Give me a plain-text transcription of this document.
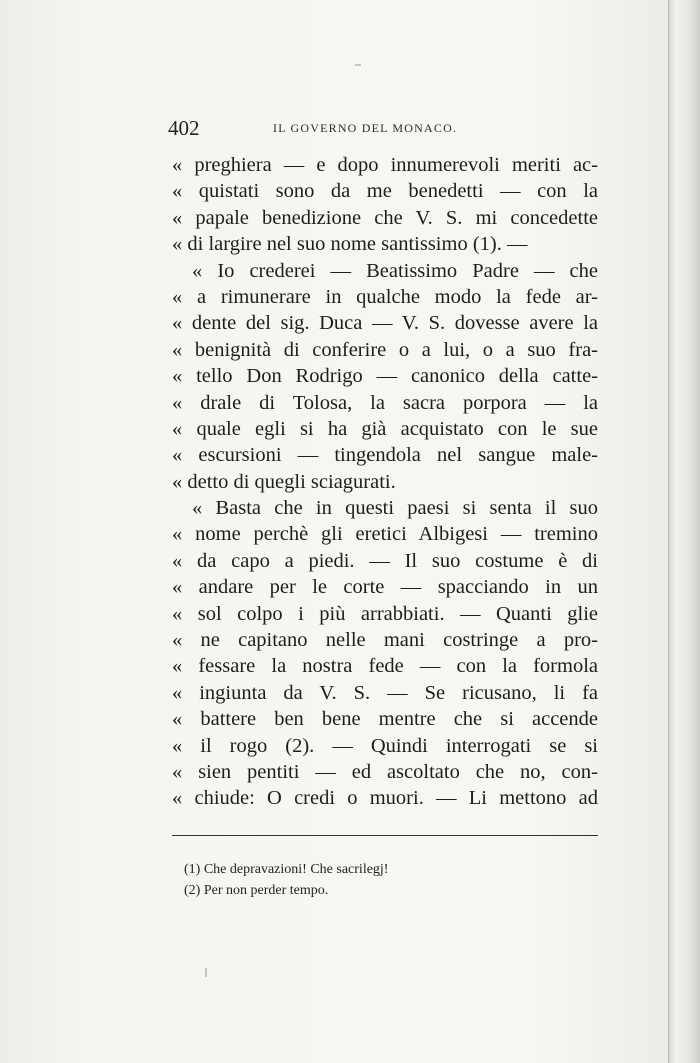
402	IL GOVERNO DEL MONACO.
« preghiera — e dopo innumerevoli meriti ac-
« quistati sono da me benedetti — con la
« papale benedizione che V. S. mi concedette
« di largire nel suo nome santissimo (1). —
« Io crederei — Beatissimo Padre — che
« a rimunerare in qualche modo la fede ar-
« dente del sig. Duca — V. S. dovesse avere la
« benignità di conferire o a lui, o a suo fra-
« tello Don Rodrigo — canonico della catte-
« drale di Tolosa, la sacra porpora — la
« quale egli si ha già acquistato con le sue
« escursioni — tingendola nel sangue male-
« detto di quegli sciagurati.
« Basta che in questi paesi si senta il suo
« nome perchè gli eretici Albigesi — tremino
« da capo a piedi. — Il suo costume è di
« andare per le corte — spacciando in un
« sol colpo i più arrabbiati. — Quanti glie
« ne capitano nelle mani costringe a pro-
« fessare la nostra fede — con la formola
« ingiunta da V. S. — Se ricusano, li fa
« battere ben bene mentre che si accende
« il rogo (2). — Quindi interrogati se si
« sien pentiti — ed ascoltato che no, con-
« chiude: O credi o muori. — Li mettono ad
(1) Che depravazioni! Che sacrilegj!
(2) Per non perder tempo.
